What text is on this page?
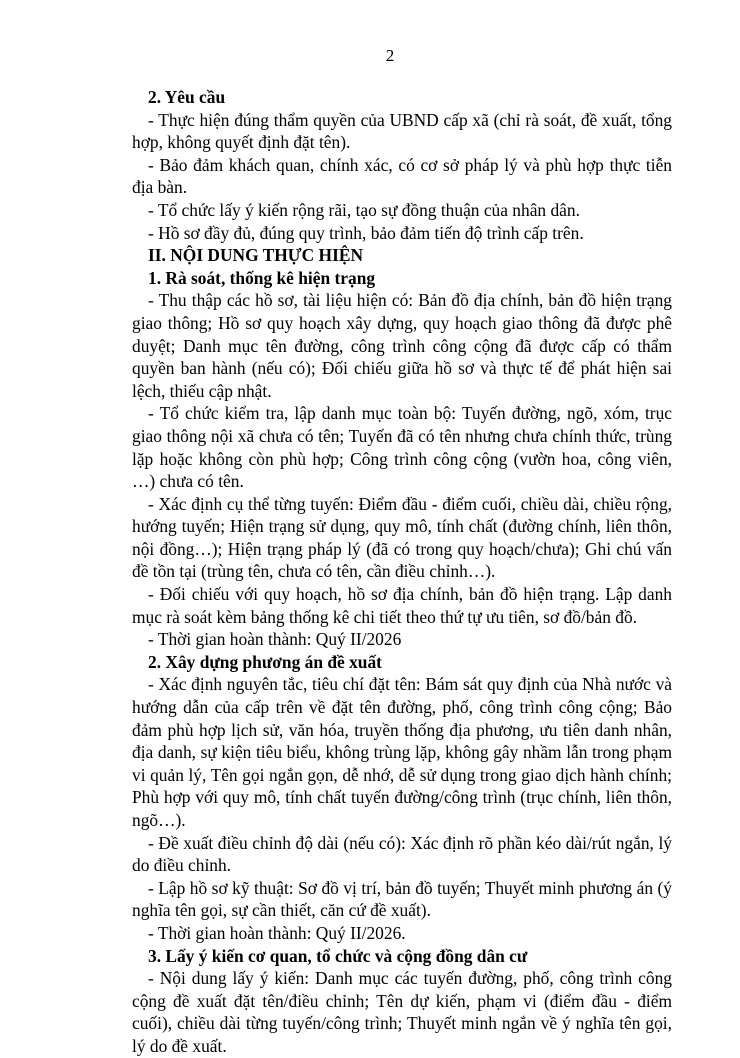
2

2. Yêu cầu

- Thực hiện đúng thẩm quyền của UBND cấp xã (chỉ rà soát, đề xuất, tổng hợp, không quyết định đặt tên).

- Bảo đảm khách quan, chính xác, có cơ sở pháp lý và phù hợp thực tiễn địa bàn.

- Tổ chức lấy ý kiến rộng rãi, tạo sự đồng thuận của nhân dân.

- Hồ sơ đầy đủ, đúng quy trình, bảo đảm tiến độ trình cấp trên.

II. NỘI DUNG THỰC HIỆN

1. Rà soát, thống kê hiện trạng

- Thu thập các hồ sơ, tài liệu hiện có: Bản đồ địa chính, bản đồ hiện trạng giao thông; Hồ sơ quy hoạch xây dựng, quy hoạch giao thông đã được phê duyệt; Danh mục tên đường, công trình công cộng đã được cấp có thẩm quyền ban hành (nếu có); Đối chiếu giữa hồ sơ và thực tế để phát hiện sai lệch, thiếu cập nhật.

- Tổ chức kiểm tra, lập danh mục toàn bộ: Tuyến đường, ngõ, xóm, trục giao thông nội xã chưa có tên; Tuyến đã có tên nhưng chưa chính thức, trùng lặp hoặc không còn phù hợp; Công trình công cộng (vườn hoa, công viên, …) chưa có tên.

- Xác định cụ thể từng tuyến: Điểm đầu - điểm cuối, chiều dài, chiều rộng, hướng tuyến; Hiện trạng sử dụng, quy mô, tính chất (đường chính, liên thôn, nội đồng…); Hiện trạng pháp lý (đã có trong quy hoạch/chưa); Ghi chú vấn đề tồn tại (trùng tên, chưa có tên, cần điều chỉnh…).

- Đối chiếu với quy hoạch, hồ sơ địa chính, bản đồ hiện trạng. Lập danh mục rà soát kèm bảng thống kê chi tiết theo thứ tự ưu tiên, sơ đồ/bản đồ.

- Thời gian hoàn thành: Quý II/2026

2. Xây dựng phương án đề xuất

- Xác định nguyên tắc, tiêu chí đặt tên: Bám sát quy định của Nhà nước và hướng dẫn của cấp trên về đặt tên đường, phố, công trình công cộng; Bảo đảm phù hợp lịch sử, văn hóa, truyền thống địa phương, ưu tiên danh nhân, địa danh, sự kiện tiêu biểu, không trùng lặp, không gây nhầm lẫn trong phạm vi quản lý, Tên gọi ngắn gọn, dễ nhớ, dễ sử dụng trong giao dịch hành chính; Phù hợp với quy mô, tính chất tuyến đường/công trình (trục chính, liên thôn, ngõ…).

- Đề xuất điều chỉnh độ dài (nếu có): Xác định rõ phần kéo dài/rút ngắn, lý do điều chỉnh.

- Lập hồ sơ kỹ thuật: Sơ đồ vị trí, bản đồ tuyến; Thuyết minh phương án (ý nghĩa tên gọi, sự cần thiết, căn cứ đề xuất).

- Thời gian hoàn thành: Quý II/2026.

3. Lấy ý kiến cơ quan, tổ chức và cộng đồng dân cư

- Nội dung lấy ý kiến: Danh mục các tuyến đường, phố, công trình công cộng đề xuất đặt tên/điều chỉnh; Tên dự kiến, phạm vi (điểm đầu - điểm cuối), chiều dài từng tuyến/công trình; Thuyết minh ngắn về ý nghĩa tên gọi, lý do đề xuất.
